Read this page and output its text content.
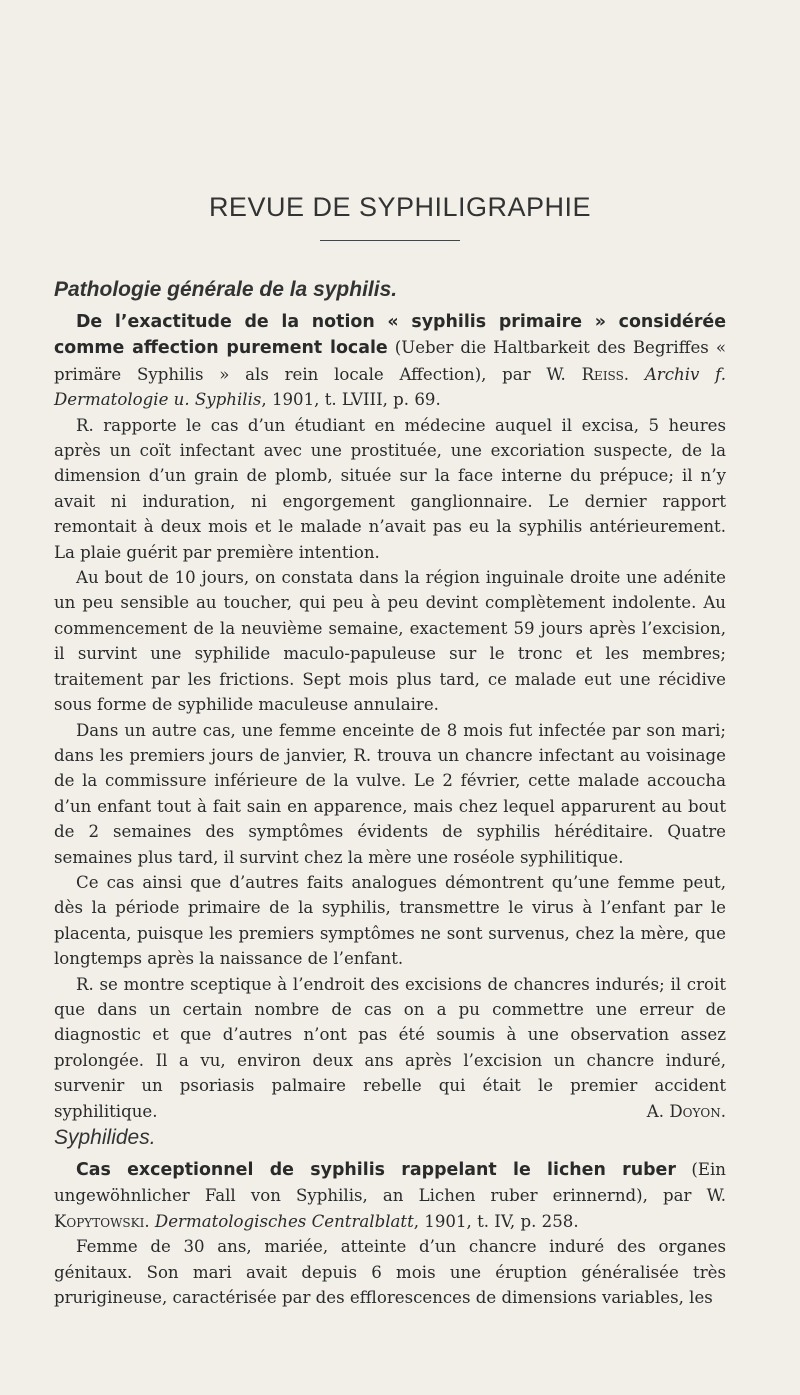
REVUE DE SYPHILIGRAPHIE
Pathologie générale de la syphilis.

De l’exactitude de la notion « syphilis primaire » considérée comme affection purement locale (Ueber die Haltbarkeit des Begriffes « primäre Syphilis » als rein locale Affection), par W. Reiss. Archiv f. Dermatologie u. Syphilis, 1901, t. LVIII, p. 69.

R. rapporte le cas d’un étudiant en médecine auquel il excisa, 5 heures après un coït infectant avec une prostituée, une excoriation suspecte, de la dimension d’un grain de plomb, située sur la face interne du prépuce; il n’y avait ni induration, ni engorgement ganglionnaire. Le dernier rapport remontait à deux mois et le malade n’avait pas eu la syphilis antérieurement. La plaie guérit par première intention.

Au bout de 10 jours, on constata dans la région inguinale droite une adénite un peu sensible au toucher, qui peu à peu devint complètement indolente. Au commencement de la neuvième semaine, exactement 59 jours après l’excision, il survint une syphilide maculo-papuleuse sur le tronc et les membres; traitement par les frictions. Sept mois plus tard, ce malade eut une récidive sous forme de syphilide maculeuse annulaire.

Dans un autre cas, une femme enceinte de 8 mois fut infectée par son mari; dans les premiers jours de janvier, R. trouva un chancre infectant au voisinage de la commissure inférieure de la vulve. Le 2 février, cette malade accoucha d’un enfant tout à fait sain en apparence, mais chez lequel apparurent au bout de 2 semaines des symptômes évidents de syphilis héréditaire. Quatre semaines plus tard, il survint chez la mère une roséole syphilitique.

Ce cas ainsi que d’autres faits analogues démontrent qu’une femme peut, dès la période primaire de la syphilis, transmettre le virus à l’enfant par le placenta, puisque les premiers symptômes ne sont survenus, chez la mère, que longtemps après la naissance de l’enfant.

R. se montre sceptique à l’endroit des excisions de chancres indurés; il croit que dans un certain nombre de cas on a pu commettre une erreur de diagnostic et que d’autres n’ont pas été soumis à une observation assez prolongée. Il a vu, environ deux ans après l’excision un chancre induré, survenir un psoriasis palmaire rebelle qui était le premier accident syphilitique.	A. Doyon.

Syphilides.

Cas exceptionnel de syphilis rappelant le lichen ruber (Ein ungewöhnlicher Fall von Syphilis, an Lichen ruber erinnernd), par W. Kopytowski. Dermatologisches Centralblatt, 1901, t. IV, p. 258.

Femme de 30 ans, mariée, atteinte d’un chancre induré des organes génitaux. Son mari avait depuis 6 mois une éruption généralisée très prurigineuse, caractérisée par des efflorescences de dimensions variables, les
